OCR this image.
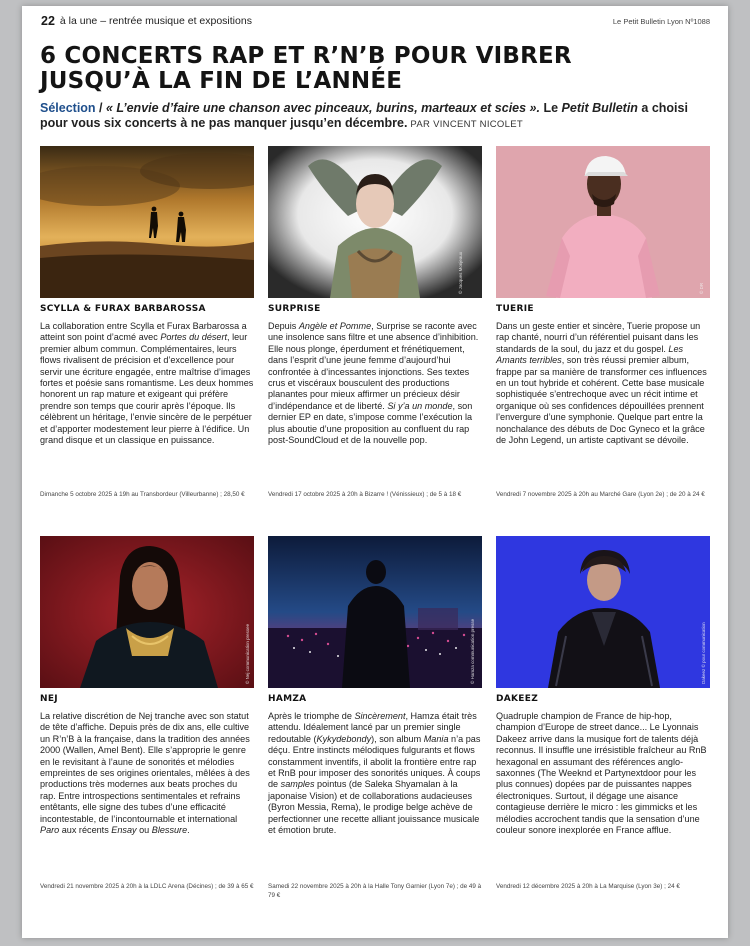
22 à la une – rentrée musique et expositions	Le Petit Bulletin Lyon Nº1088
6 CONCERTS RAP ET R’N’B POUR VIBRER
JUSQU’À LA FIN DE L’ANNÉE

Sélection / « L’envie d’faire une chanson avec pinceaux, burins, marteaux et scies ». Le Petit Bulletin a choisi pour vous six concerts à ne pas manquer jusqu’en décembre. PAR VINCENT NICOLET

SCYLLA & FURAX BARBAROSSA

La collaboration entre Scylla et Furax Barbarossa a atteint son point d’acmé avec Portes du désert, leur premier album commun. Complémentaires, leurs flows rivalisent de précision et d’excellence pour servir une écriture engagée, entre maîtrise d’images fortes et poésie sans romantisme. Les deux hommes honorent un rap mature et exigeant qui préfère prendre son temps que courir après l’époque. Ils célèbrent un héritage, l’envie sincère de le perpétuer et d’apporter modestement leur pierre à l’édifice. Un grand disque et un classique en puissance.

Dimanche 5 octobre 2025 à 19h au Transbordeur (Villeurbanne) ; 28,50 €
© Jacques Monjeaux
SURPRISE

Depuis Angèle et Pomme, Surprise se raconte avec une insolence sans filtre et une absence d’inhibition. Elle nous plonge, éperdument et frénétiquement, dans l’esprit d’une jeune femme d’aujourd’hui confrontée à d’incessantes injonctions. Ses textes crus et viscéraux bousculent des productions planantes pour mieux affirmer un précieux désir d’indépendance et de liberté. Si y’a un monde, son dernier EP en date, s’impose comme l’exécution la plus aboutie d’une proposition au confluent du rap post-SoundCloud et de la nouvelle pop.

Vendredi 17 octobre 2025 à 20h à Bizarre ! (Vénissieux) ; de 5 à 18 €
© DR
TUERIE

Dans un geste entier et sincère, Tuerie propose un rap chanté, nourri d’un référentiel puisant dans les standards de la soul, du jazz et du gospel. Les Amants terribles, son très réussi premier album, frappe par sa manière de transformer ces influences en un tout hybride et cohérent. Cette base musicale sophistiquée s’entrechoque avec un récit intime et organique où ses confidences dépouillées prennent l’envergure d’une symphonie. Quelque part entre la nonchalance des débuts de Doc Gyneco et la grâce de John Legend, un artiste captivant se dévoile.

Vendredi 7 novembre 2025 à 20h au Marché Gare (Lyon 2e) ; de 20 à 24 €
© Nej communication pressee
NEJ

La relative discrétion de Nej tranche avec son statut de tête d’affiche. Depuis près de dix ans, elle cultive un R’n’B à la française, dans la tradition des années 2000 (Wallen, Amel Bent). Elle s’approprie le genre en le revisitant à l’aune de sonorités et mélodies empreintes de ses origines orientales, mêlées à des productions très modernes aux beats proches du rap. Entre introspections sentimentales et refrains entêtants, elle signe des tubes d’une efficacité incontestable, de l’incontournable et international Paro aux récents Ensay ou Blessure.

Vendredi 21 novembre 2025 à 20h à la LDLC Arena (Décines) ; de 39 à 65 €
© Hamza communication presse
HAMZA

Après le triomphe de Sincèrement, Hamza était très attendu. Idéalement lancé par un premier single redoutable (Kykydebondy), son album Mania n’a pas déçu. Entre instincts mélodiques fulgurants et flows constamment inventifs, il abolit la frontière entre rap et RnB pour imposer des sonorités uniques. À coups de samples pointus (de Saleka Shyamalan à la japonaise Vision) et de collaborations audacieuses (Byron Messia, Rema), le prodige belge achève de perfectionner une recette alliant jouissance musicale et émotion brute.

Samedi 22 novembre 2025 à 20h à la Halle Tony Garnier (Lyon 7e) ; de 49 à 79 €
Dakeez © pour communication
DAKEEZ

Quadruple champion de France de hip-hop, champion d’Europe de street dance... Le Lyonnais Dakeez arrive dans la musique fort de talents déjà reconnus. Il insuffle une irrésistible fraîcheur au RnB hexagonal en assumant des références anglo-saxonnes (The Weeknd et Partynextdoor pour les plus connues) dopées par de puissantes nappes électroniques. Surtout, il dégage une aisance contagieuse derrière le micro : les gimmicks et les mélodies accrochent tandis que la sensation d’une couleur sonore inexplorée en France afflue.

Vendredi 12 décembre 2025 à 20h à La Marquise (Lyon 3e) ; 24 €
